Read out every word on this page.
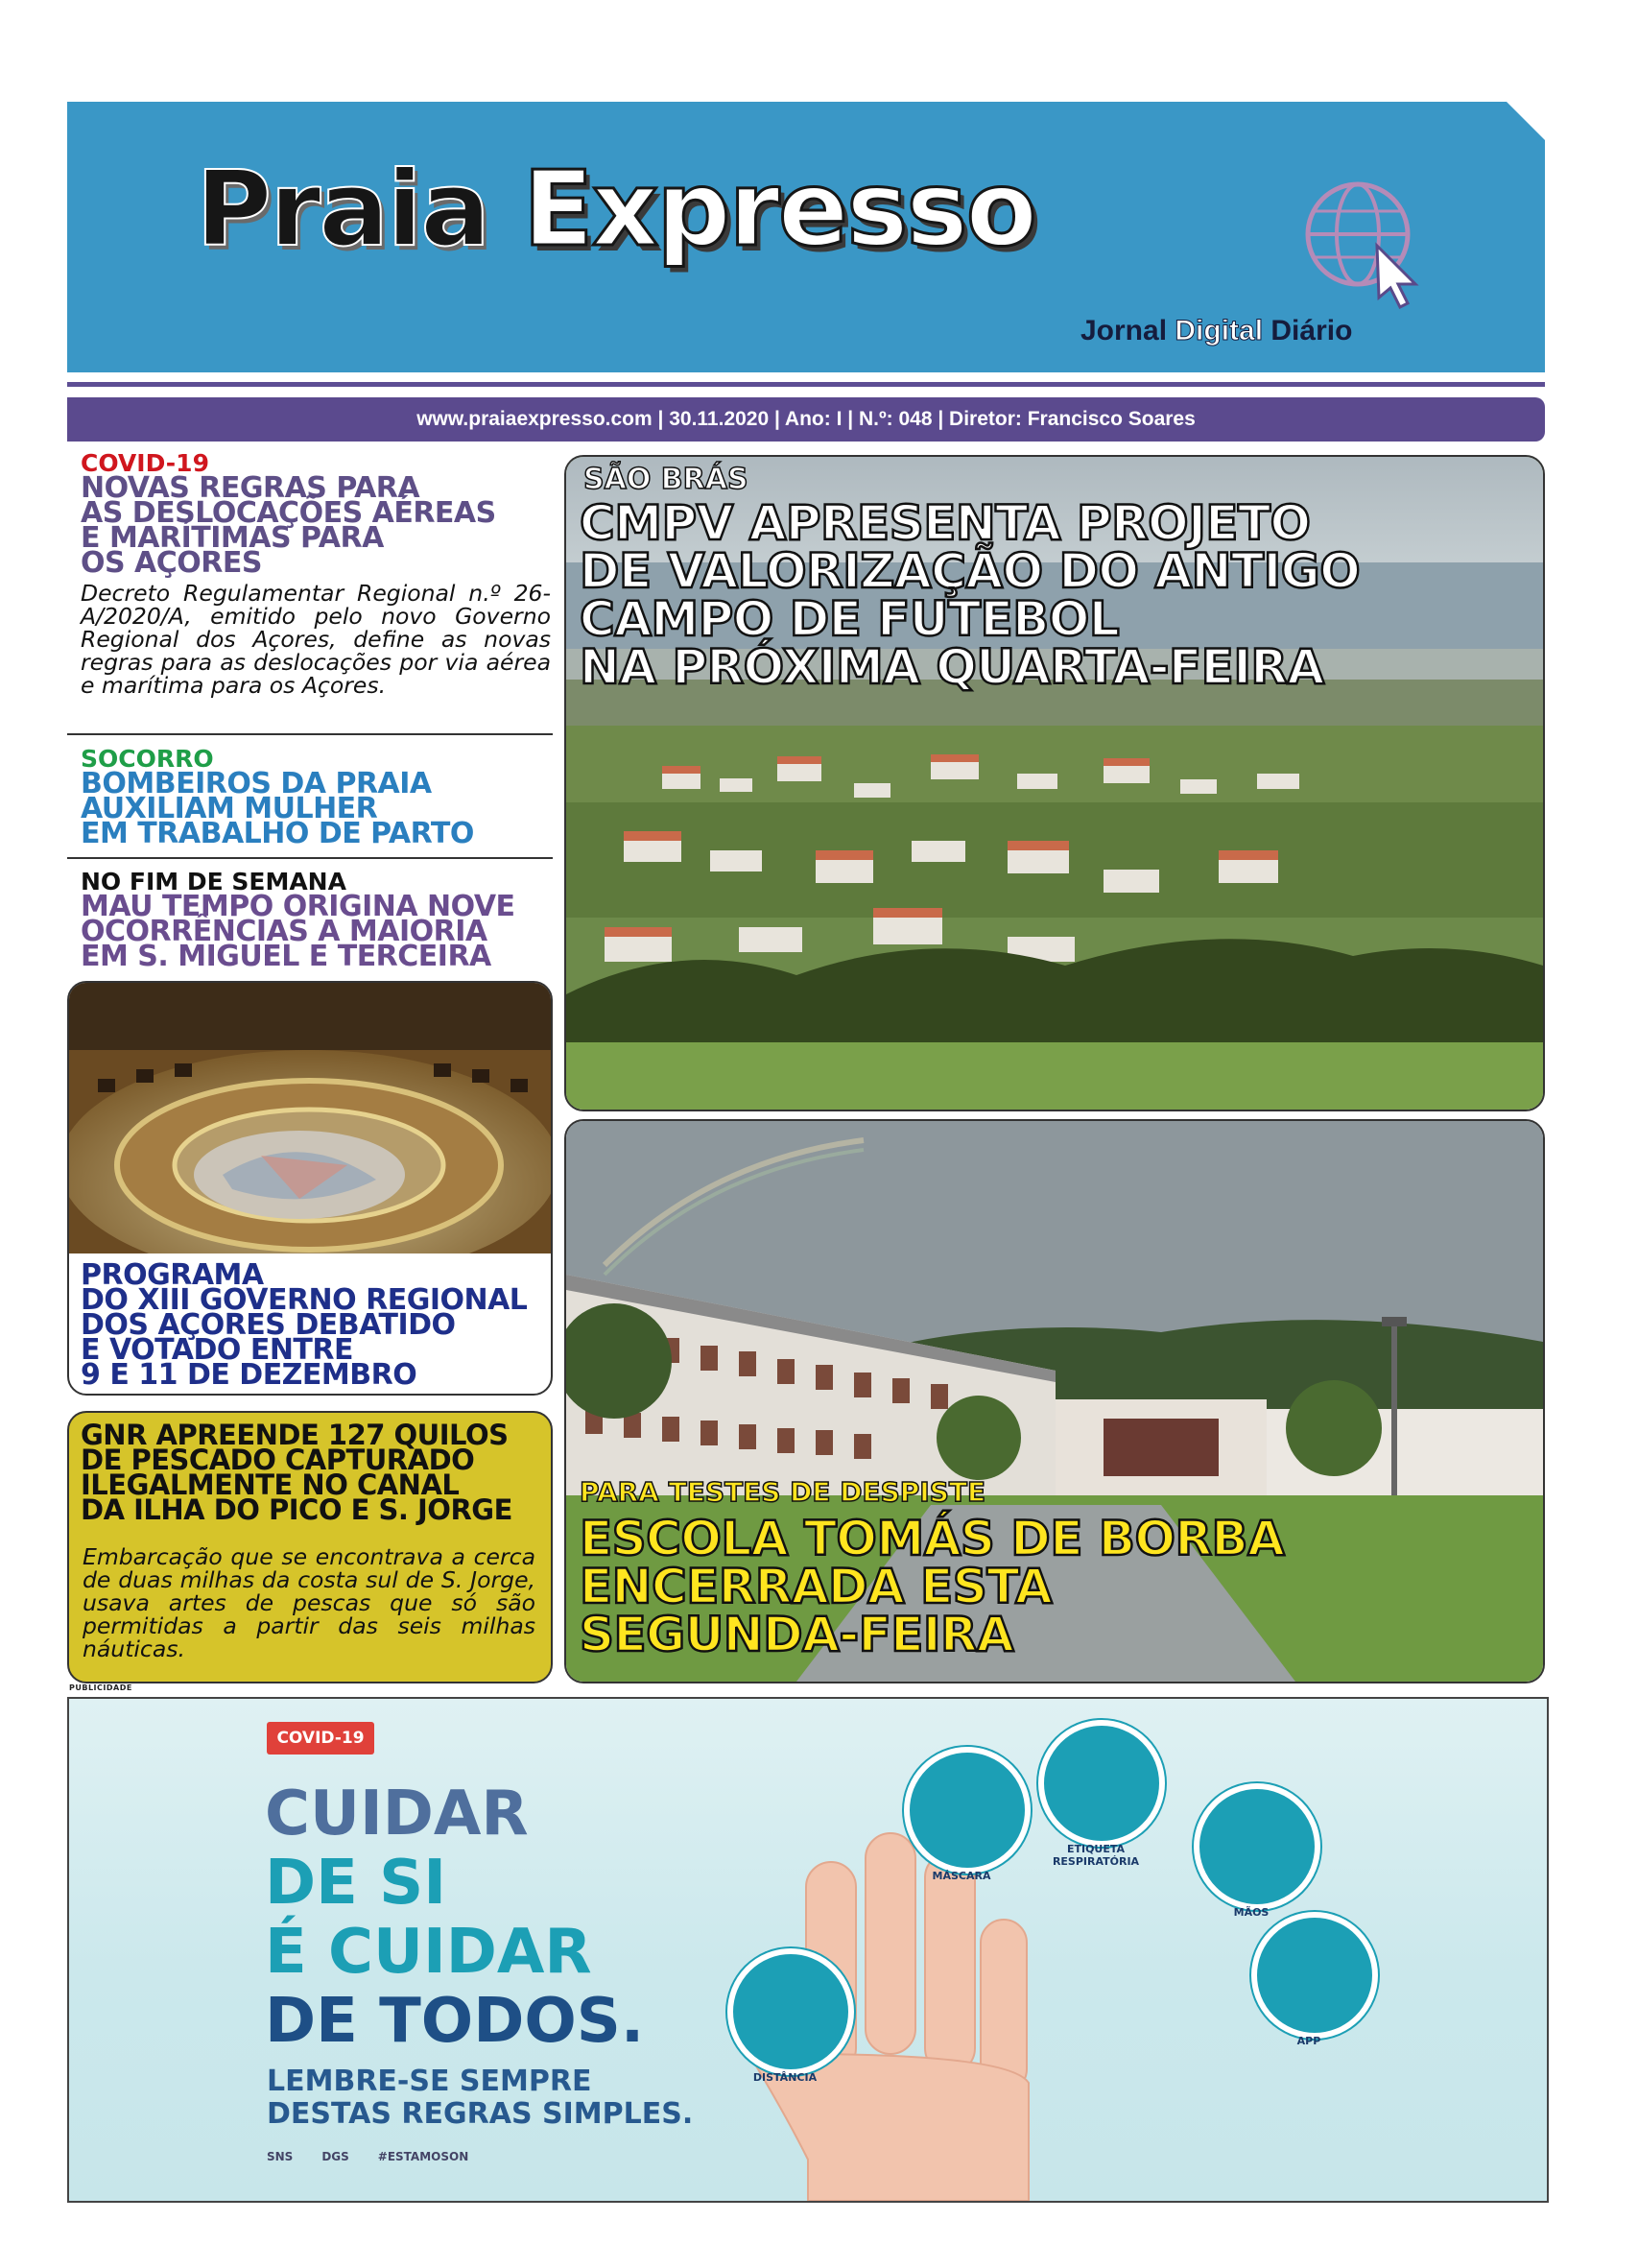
Praia Expresso
Jornal Digital Diário
www.praiaexpresso.com | 30.11.2020 | Ano: I | N.º: 048 | Diretor: Francisco Soares
COVID-19
NOVAS REGRAS PARA
AS DESLOCAÇÕES AÉREAS
E MARÍTIMAS PARA
OS AÇORES
Decreto Regulamentar Regional n.º 26-A/2020/A, emitido pelo novo Governo Regional dos Açores, define as novas regras para as deslocações por via aérea e marítima para os Açores.
SOCORRO
BOMBEIROS DA PRAIA
AUXILIAM MULHER
EM TRABALHO DE PARTO
NO FIM DE SEMANA
MAU TEMPO ORIGINA NOVE
OCORRÊNCIAS A MAIORIA
EM S. MIGUEL E TERCEIRA
PROGRAMA
DO XIII GOVERNO REGIONAL
DOS AÇORES DEBATIDO
E VOTADO ENTRE
9 E 11 DE DEZEMBRO
GNR APREENDE 127 QUILOS
DE PESCADO CAPTURADO
ILEGALMENTE NO CANAL
DA ILHA DO PICO E S. JORGE
Embarcação que se encontrava a cerca de duas milhas da costa sul de S. Jorge, usava artes de pescas que só são permitidas a partir das seis milhas náuticas.
PUBLICIDADE
SÃO BRÁS
CMPV APRESENTA PROJETO
DE VALORIZAÇÃO DO ANTIGO
CAMPO DE FUTEBOL
NA PRÓXIMA QUARTA-FEIRA
PARA TESTES DE DESPISTE
ESCOLA TOMÁS DE BORBA
ENCERRADA ESTA
SEGUNDA-FEIRA
COVID-19
CUIDAR
DE SI
É CUIDAR
DE TODOS.
LEMBRE-SE SEMPRE
DESTAS REGRAS SIMPLES.
SNS	DGS	#ESTAMOSON
MÁSCARA
ETIQUETA RESPIRATÓRIA
MÃOS
APP
DISTÂNCIA
